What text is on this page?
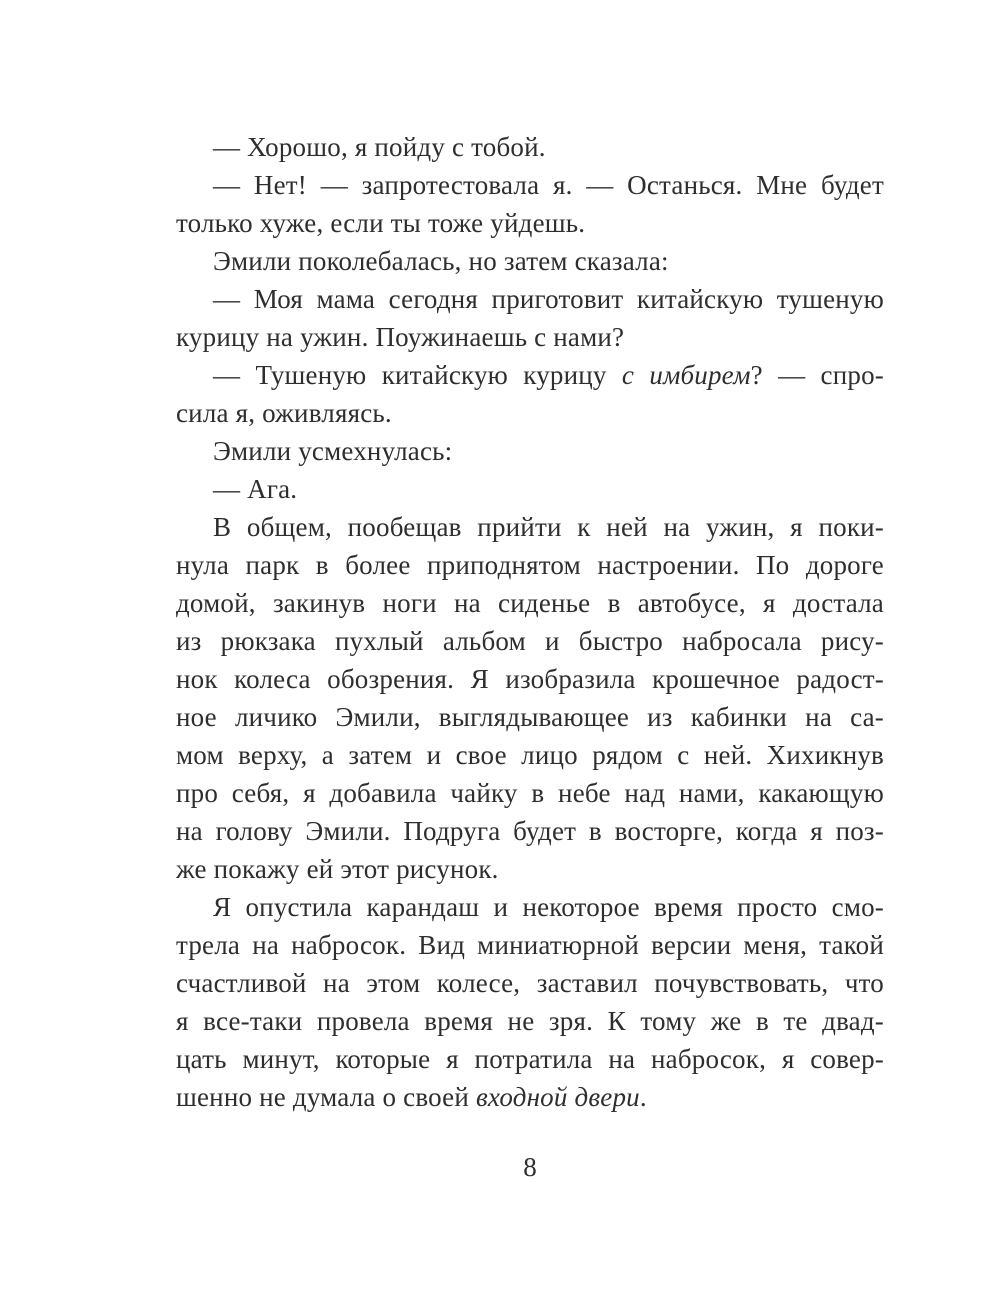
— Хорошо, я пойду с тобой.
— Нет! — запротестовала я. — Останься. Мне будет
только хуже, если ты тоже уйдешь.
Эмили поколебалась, но затем сказала:
— Моя мама сегодня приготовит китайскую тушеную
курицу на ужин. Поужинаешь с нами?
— Тушеную китайскую курицу с имбирем? — спро-
сила я, оживляясь.
Эмили усмехнулась:
— Ага.
В общем, пообещав прийти к ней на ужин, я поки-
нула парк в более приподнятом настроении. По дороге
домой, закинув ноги на сиденье в автобусе, я достала
из рюкзака пухлый альбом и быстро набросала рису-
нок колеса обозрения. Я изобразила крошечное радост-
ное личико Эмили, выглядывающее из кабинки на са-
мом верху, а затем и свое лицо рядом с ней. Хихикнув
про себя, я добавила чайку в небе над нами, какающую
на голову Эмили. Подруга будет в восторге, когда я поз-
же покажу ей этот рисунок.
Я опустила карандаш и некоторое время просто смо-
трела на набросок. Вид миниатюрной версии меня, такой
счастливой на этом колесе, заставил почувствовать, что
я все-таки провела время не зря. К тому же в те двад-
цать минут, которые я потратила на набросок, я совер-
шенно не думала о своей входной двери.
8
